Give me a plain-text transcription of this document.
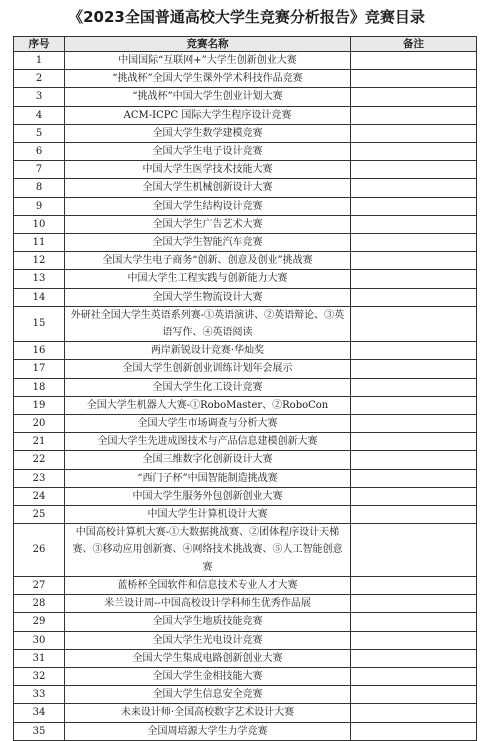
《2023全国普通高校大学生竞赛分析报告》竞赛目录
序号	竞赛名称	备注
1	中国国际“互联网+”大学生创新创业大赛	
2	“挑战杯”全国大学生课外学术科技作品竞赛	
3	“挑战杯”中国大学生创业计划大赛	
4	ACM-ICPC 国际大学生程序设计竞赛	
5	全国大学生数学建模竞赛	
6	全国大学生电子设计竞赛	
7	中国大学生医学技术技能大赛	
8	全国大学生机械创新设计大赛	
9	全国大学生结构设计竞赛	
10	全国大学生广告艺术大赛	
11	全国大学生智能汽车竞赛	
12	全国大学生电子商务“创新、创意及创业”挑战赛	
13	中国大学生工程实践与创新能力大赛	
14	全国大学生物流设计大赛	
15	外研社全国大学生英语系列赛-①英语演讲、②英语辩论、③英语写作、④英语阅读	
16	两岸新锐设计竞赛·华灿奖	
17	全国大学生创新创业训练计划年会展示	
18	全国大学生化工设计竞赛	
19	全国大学生机器人大赛-①RoboMaster、②RoboCon	
20	全国大学生市场调查与分析大赛	
21	全国大学生先进成图技术与产品信息建模创新大赛	
22	全国三维数字化创新设计大赛	
23	“西门子杯”中国智能制造挑战赛	
24	中国大学生服务外包创新创业大赛	
25	中国大学生计算机设计大赛	
26	中国高校计算机大赛-①大数据挑战赛、②团体程序设计天梯赛、③移动应用创新赛、④网络技术挑战赛、⑤人工智能创意赛	
27	蓝桥杯全国软件和信息技术专业人才大赛	
28	米兰设计周--中国高校设计学科师生优秀作品展	
29	全国大学生地质技能竞赛	
30	全国大学生光电设计竞赛	
31	全国大学生集成电路创新创业大赛	
32	全国大学生金相技能大赛	
33	全国大学生信息安全竞赛	
34	未来设计师·全国高校数字艺术设计大赛	
35	全国周培源大学生力学竞赛	
